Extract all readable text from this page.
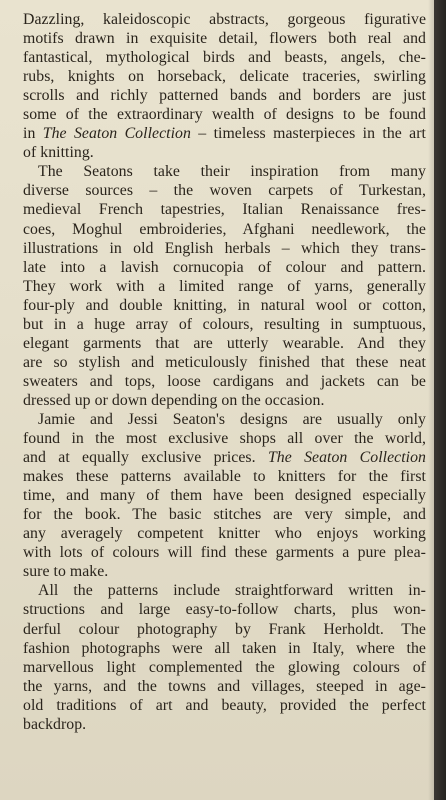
Dazzling, kaleidoscopic abstracts, gorgeous figurative
motifs drawn in exquisite detail, flowers both real and
fantastical, mythological birds and beasts, angels, che-
rubs, knights on horseback, delicate traceries, swirling
scrolls and richly patterned bands and borders are just
some of the extraordinary wealth of designs to be found
in The Seaton Collection – timeless masterpieces in the art
of knitting.

The Seatons take their inspiration from many
diverse sources – the woven carpets of Turkestan,
medieval French tapestries, Italian Renaissance fres-
coes, Moghul embroideries, Afghani needlework, the
illustrations in old English herbals – which they trans-
late into a lavish cornucopia of colour and pattern.
They work with a limited range of yarns, generally
four-ply and double knitting, in natural wool or cotton,
but in a huge array of colours, resulting in sumptuous,
elegant garments that are utterly wearable. And they
are so stylish and meticulously finished that these neat
sweaters and tops, loose cardigans and jackets can be
dressed up or down depending on the occasion.

Jamie and Jessi Seaton's designs are usually only
found in the most exclusive shops all over the world,
and at equally exclusive prices. The Seaton Collection
makes these patterns available to knitters for the first
time, and many of them have been designed especially
for the book. The basic stitches are very simple, and
any averagely competent knitter who enjoys working
with lots of colours will find these garments a pure plea-
sure to make.

All the patterns include straightforward written in-
structions and large easy-to-follow charts, plus won-
derful colour photography by Frank Herholdt. The
fashion photographs were all taken in Italy, where the
marvellous light complemented the glowing colours of
the yarns, and the towns and villages, steeped in age-
old traditions of art and beauty, provided the perfect
backdrop.
